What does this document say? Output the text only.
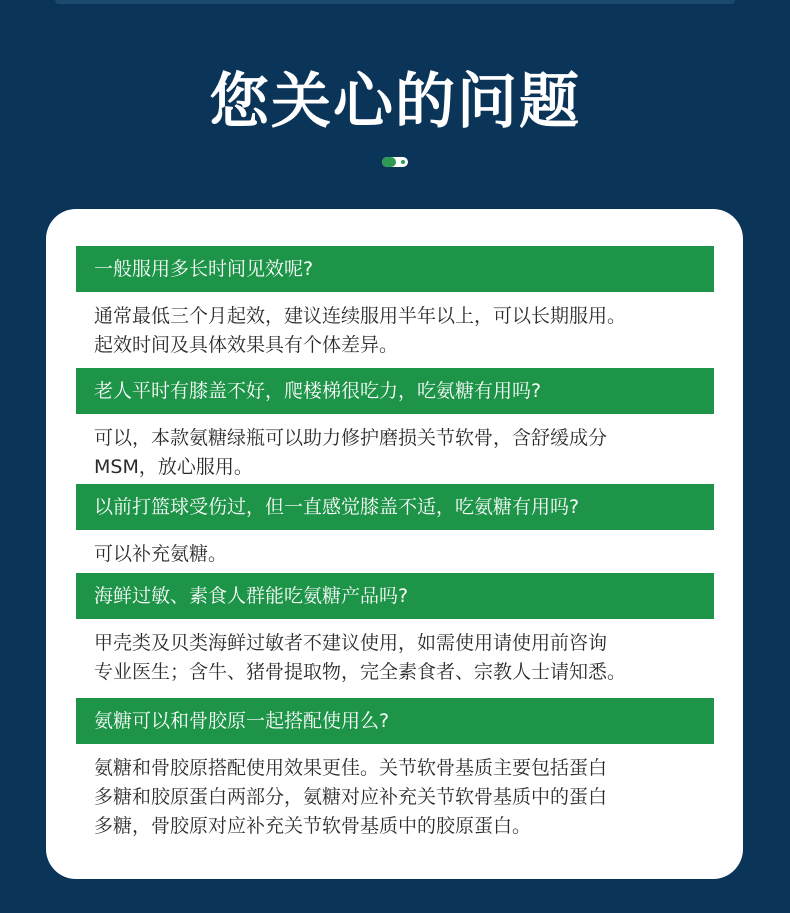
您关心的问题
一般服用多长时间见效呢?
通常最低三个月起效，建议连续服用半年以上，可以长期服用。
起效时间及具体效果具有个体差异。
老人平时有膝盖不好，爬楼梯很吃力，吃氨糖有用吗?
可以，本款氨糖绿瓶可以助力修护磨损关节软骨，含舒缓成分
MSM，放心服用。
以前打篮球受伤过，但一直感觉膝盖不适，吃氨糖有用吗?
可以补充氨糖。
海鲜过敏、素食人群能吃氨糖产品吗?
甲壳类及贝类海鲜过敏者不建议使用，如需使用请使用前咨询
专业医生；含牛、猪骨提取物，完全素食者、宗教人士请知悉。
氨糖可以和骨胶原一起搭配使用么?
氨糖和骨胶原搭配使用效果更佳。关节软骨基质主要包括蛋白
多糖和胶原蛋白两部分，氨糖对应补充关节软骨基质中的蛋白
多糖，骨胶原对应补充关节软骨基质中的胶原蛋白。
